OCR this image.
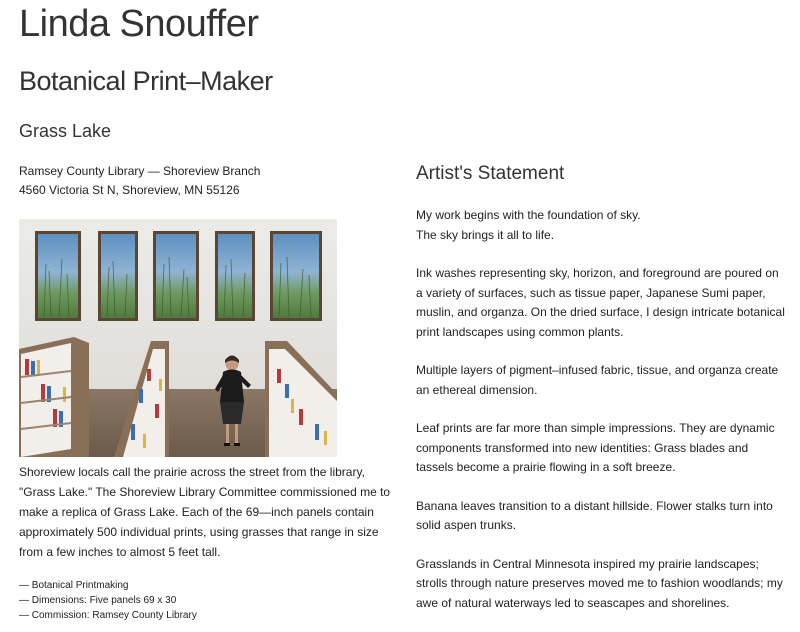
Linda Snouffer
Botanical Print–Maker
Grass Lake
Ramsey County Library — Shoreview Branch
4560 Victoria St N, Shoreview, MN 55126

Shoreview locals call the prairie across the street from the library, "Grass Lake." The Shoreview Library Committee commissioned me to make a replica of Grass Lake. Each of the 69—inch panels contain approximately 500 individual prints, using grasses that range in size from a few inches to almost 5 feet tall.

— Botanical Printmaking
— Dimensions: Five panels 69 x 30
— Commission: Ramsey County Library
Artist's Statement

My work begins with the foundation of sky.
The sky brings it all to life.

Ink washes representing sky, horizon, and foreground are poured on a variety of surfaces, such as tissue paper, Japanese Sumi paper, muslin, and organza. On the dried surface, I design intricate botanical print landscapes using common plants.

Multiple layers of pigment–infused fabric, tissue, and organza create an ethereal dimension.

Leaf prints are far more than simple impressions. They are dynamic components transformed into new identities: Grass blades and tassels become a prairie flowing in a soft breeze.

Banana leaves transition to a distant hillside. Flower stalks turn into solid aspen trunks.

Grasslands in Central Minnesota inspired my prairie landscapes; strolls through nature preserves moved me to fashion woodlands; my awe of natural waterways led to seascapes and shorelines.
